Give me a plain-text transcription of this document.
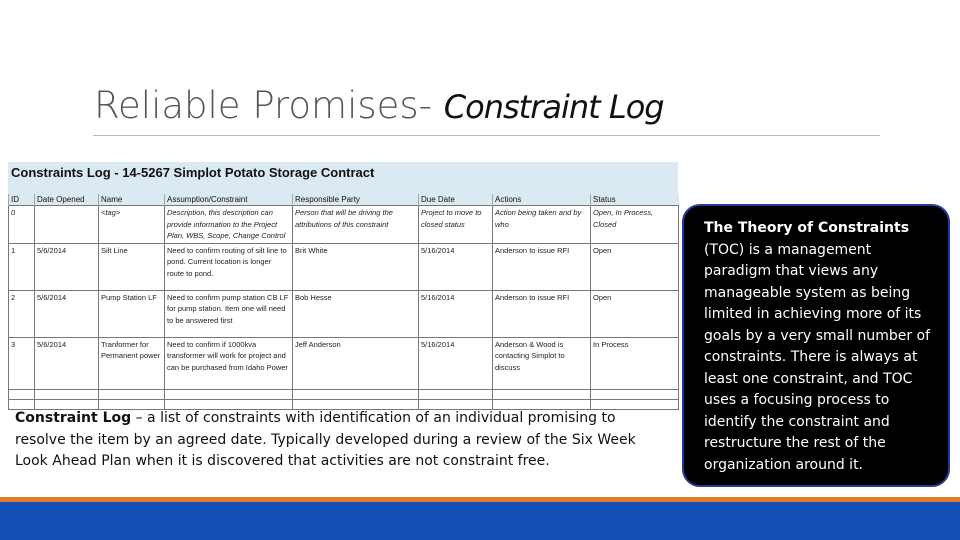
Reliable Promises- Constraint Log
Constraints Log - 14-5267 Simplot Potato Storage Contract
ID	Date Opened	Name	Assumption/Constraint	Responsible Party	Due Date	Actions	Status
0		<tag>	Description, this description can provide information to the Project Plan, WBS, Scope, Change Control	Person that will be driving the attributions of this constraint	Project to move to closed status	Action being taken and by who	Open, In Process, Closed
1	5/6/2014	Silt Line	Need to confirm routing of silt line to pond. Current location is longer route to pond.	Brit White	5/16/2014	Anderson to issue RFI	Open
2	5/6/2014	Pump Station LF	Need to confirm pump station CB LF for pump station. Item one will need to be answered first	Bob Hesse	5/16/2014	Anderson to issue RFI	Open
3	5/6/2014	Tranformer for Permanent power	Need to confirm if 1000kva transformer will work for project and can be purchased from Idaho Power	Jeff Anderson	5/16/2014	Anderson & Wood is contacting Simplot to discuss	In Process

Constraint Log – a list of constraints with identification of an individual promising to resolve the item by an agreed date. Typically developed during a review of the Six Week Look Ahead Plan when it is discovered that activities are not constraint free.
The Theory of Constraints (TOC) is a management paradigm that views any manageable system as being limited in achieving more of its goals by a very small number of constraints. There is always at least one constraint, and TOC uses a focusing process to identify the constraint and restructure the rest of the organization around it.
